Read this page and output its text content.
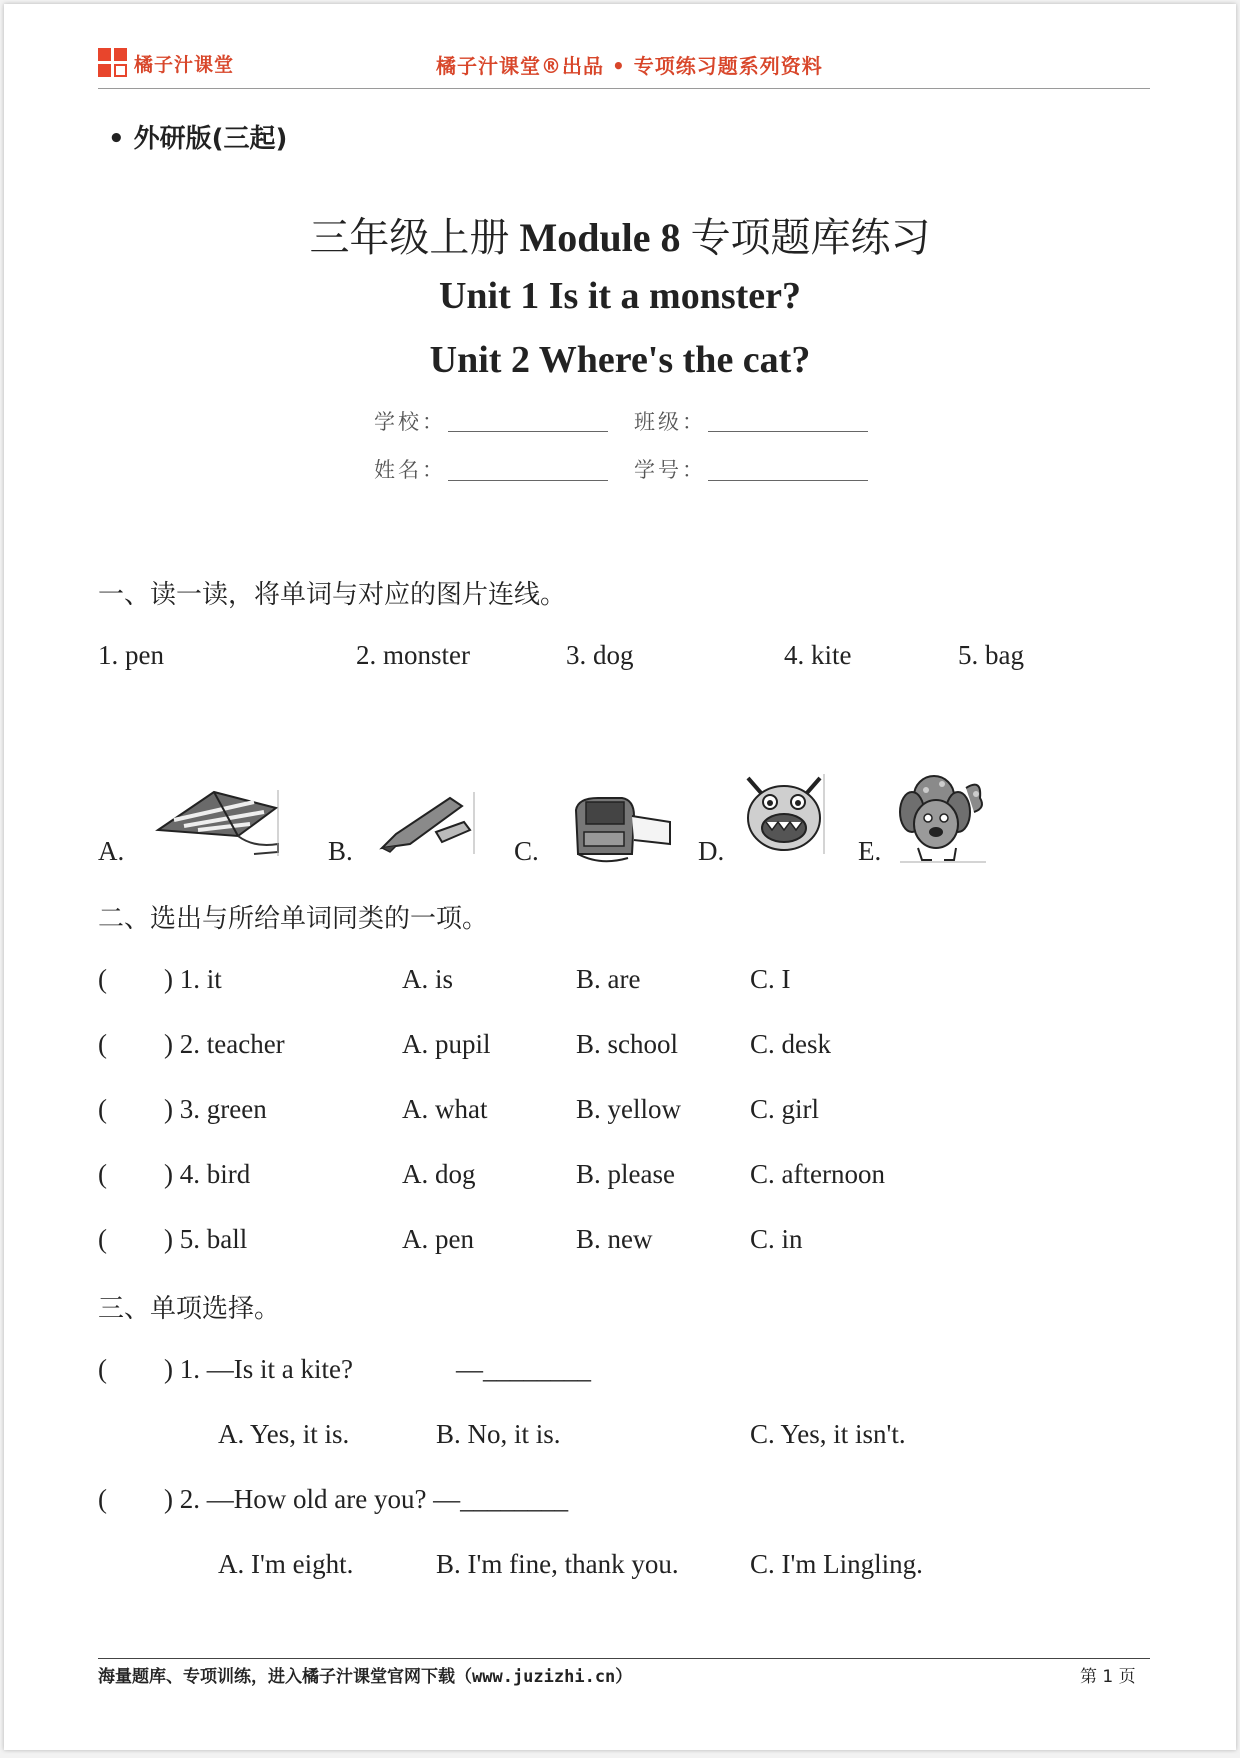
橘子汁课堂	橘子汁课堂®出品 • 专项练习题系列资料
• 外研版(三起)
三年级上册 Module 8 专项题库练习
Unit 1 Is it a monster?
Unit 2 Where's the cat?
学校：	班级：
姓名：	学号：
一、读一读，将单词与对应的图片连线。
1. pen	2. monster	3. dog	4. kite	5. bag
A.	B.	C.	D.	E.
二、选出与所给单词同类的一项。
( ) 1. it	A. is	B. are	C. I
( ) 2. teacher	A. pupil	B. school	C. desk
( ) 3. green	A. what	B. yellow	C. girl
( ) 4. bird	A. dog	B. please	C. afternoon
( ) 5. ball	A. pen	B. new	C. in
三、单项选择。
( ) 1. —Is it a kite?	—________
A. Yes, it is.	B. No, it is.	C. Yes, it isn't.
( ) 2. —How old are you? —________
A. I'm eight.	B. I'm fine, thank you.	C. I'm Lingling.
海量题库、专项训练，进入橘子汁课堂官网下载（www.juzizhi.cn）	第 1 页
